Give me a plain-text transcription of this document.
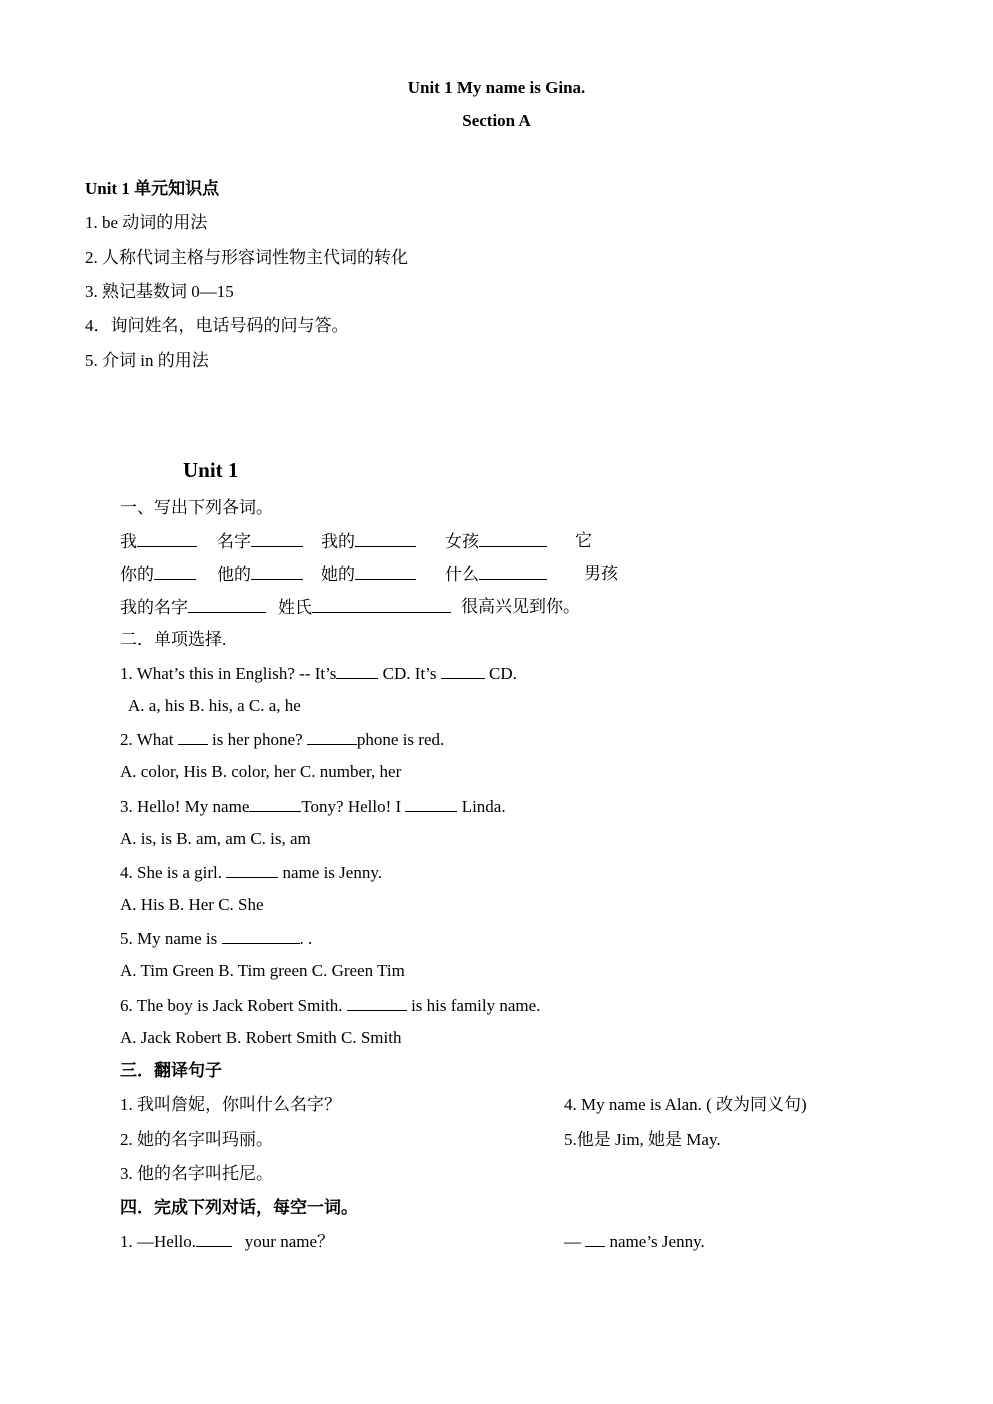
Unit 1 My name is Gina.
Section A
Unit 1 单元知识点
1. be 动词的用法
2. 人称代词主格与形容词性物主代词的转化
3. 熟记基数词 0—15
4．询问姓名，电话号码的问与答。
5. 介词 in 的用法
Unit 1
一、写出下列各词。
我	名字	我的	女孩	它
你的	他的	她的	什么	男孩
我的名字	姓氏	很高兴见到你。
二．单项选择.
1. What’s this in English? -- It’s CD. It’s	CD.
A. a, his B. his, a C. a, he
2. What  is her phone?	phone is red.
A. color, His B. color, her C. number, her
3. Hello! My name	Tony? Hello! I	Linda.
A. is, is B. am, am C. is, am
4. She is a girl.	name is Jenny.
A. His B. Her C. She
5. My name is	. .
A. Tim Green B. Tim green C. Green Tim
6. The boy is Jack Robert Smith.	is his family name.
A. Jack Robert B. Robert Smith C. Smith
三．翻译句子
1. 我叫詹妮，你叫什么名字？	4. My name is Alan. ( 改为同义句)
2. 她的名字叫玛丽。	5.他是 Jim, 她是 May.
3. 他的名字叫托尼。
四．完成下列对话，每空一词。
1. —Hello.   your name？	—  name’s Jenny.
